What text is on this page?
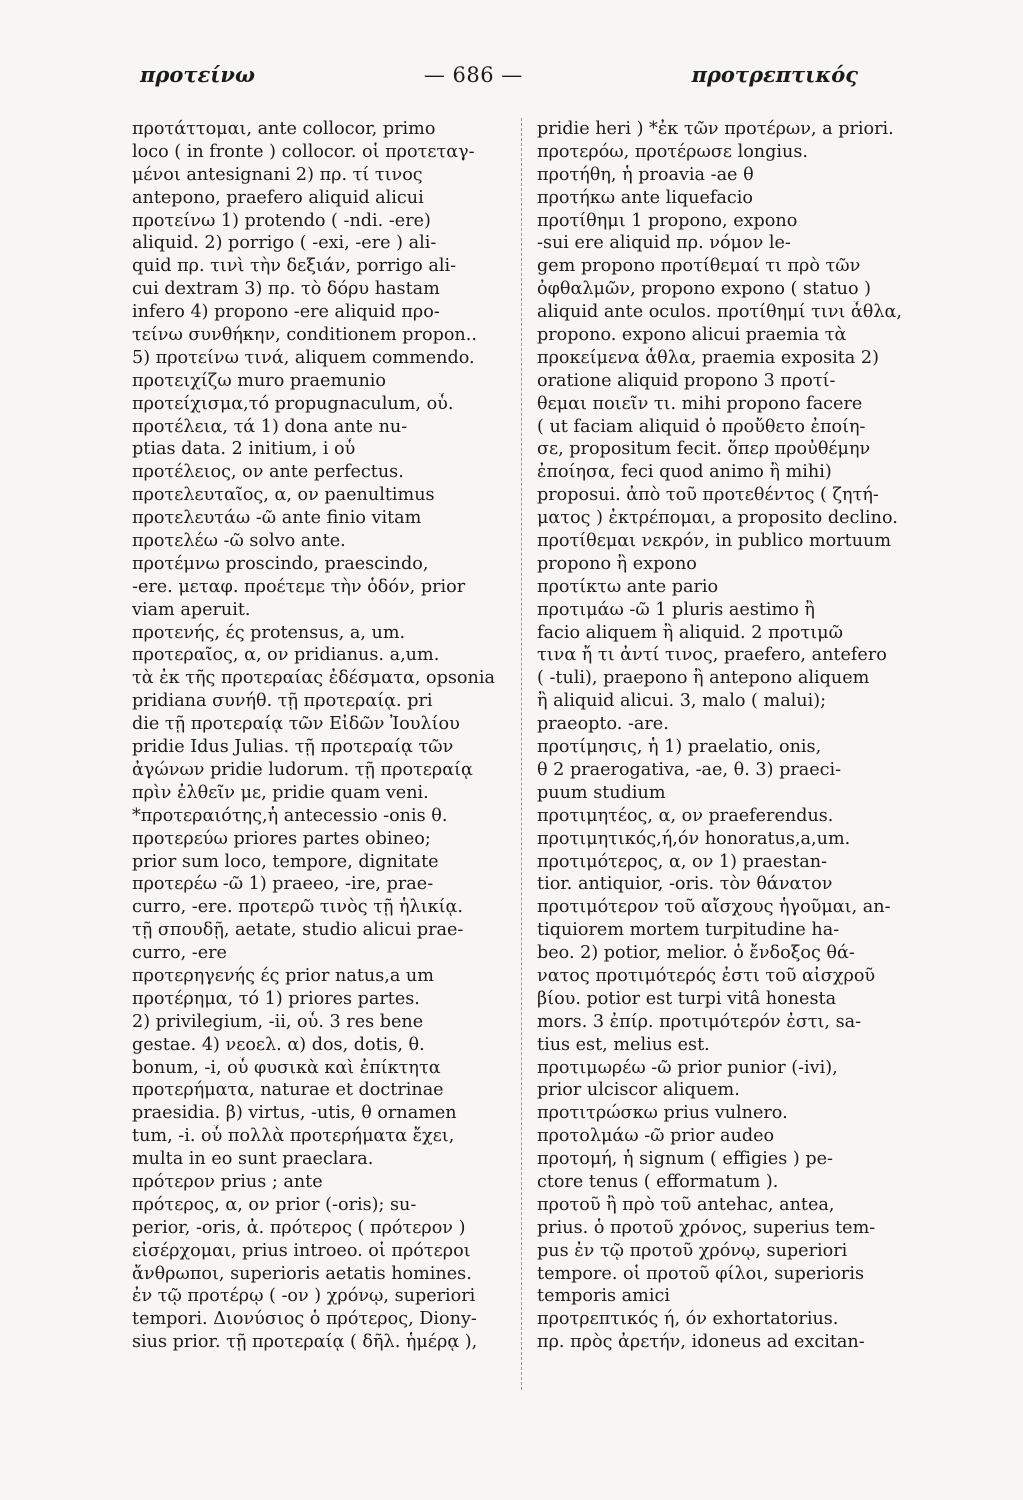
προτείνω	— 686 —	προτρεπτικός
προτάττομαι, ante collocor, primo
loco ( in fronte ) collocor. οἱ προτεταγ-
μένοι antesignani 2) πρ. τί τινος
antepono, praefero aliquid alicui
προτείνω 1) protendo ( -ndi. -ere)
aliquid. 2) porrigo ( -exi, -ere ) ali-
quid πρ. τινὶ τὴν δεξιάν, porrigo ali-
cui dextram 3) πρ. τὸ δόρυ hastam
infero 4) propono -ere aliquid προ-
τείνω συνθήκην, conditionem propon..
5) προτείνω τινά, aliquem commendo.
προτειχίζω muro praemunio
προτείχισμα,τό propugnaculum, οὗ.
προτέλεια, τά 1) dona ante nu-
ptias data. 2 initium, i οὗ
προτέλειος, ον ante perfectus.
προτελευταῖος, α, ον paenultimus
προτελευτάω -ῶ ante finio vitam
προτελέω -ῶ solvo ante.
προτέμνω proscindo, praescindo,
-ere. μεταφ. προέτεμε τὴν ὁδόν, prior
viam aperuit.
προτενής, ές protensus, a, um.
προτεραῖος, α, ον pridianus. a,um.
τὰ ἐκ τῆς προτεραίας ἐδέσματα, opsonia
pridiana συνήθ. τῇ προτεραίᾳ. pri
die τῇ προτεραίᾳ τῶν Εἰδῶν Ἰουλίου
pridie Idus Julias. τῇ προτεραίᾳ τῶν
ἀγώνων pridie ludorum. τῇ προτεραίᾳ
πρὶν ἐλθεῖν με, pridie quam veni.
*προτεραιότης,ἡ antecessio -onis θ.
προτερεύω priores partes obineo;
prior sum loco, tempore, dignitate
προτερέω -ῶ 1) praeeo, -ire, prae-
curro, -ere. προτερῶ τινὸς τῇ ἡλικίᾳ.
τῇ σπουδῇ, aetate, studio alicui prae-
curro, -ere
προτερηγενής ές prior natus,a um
προτέρημα, τό 1) priores partes.
2) privilegium, -ii, οὗ. 3 res bene
gestae. 4) νεοελ. α) dos, dotis, θ.
bonum, -i, οὗ φυσικὰ καὶ ἐπίκτητα
προτερήματα, naturae et doctrinae
praesidia. β) virtus, -utis, θ ornamen
tum, -i. οὗ πολλὰ προτερήματα ἔχει,
multa in eo sunt praeclara.
πρότερον prius ; ante
πρότερος, α, ον prior (-oris); su-
perior, -oris, ἀ. πρότερος ( πρότερον )
εἰσέρχομαι, prius introeo. οἱ πρότεροι
ἄνθρωποι, superioris aetatis homines.
ἐν τῷ προτέρῳ ( -ον ) χρόνῳ, superiori
tempori. Διονύσιος ὁ πρότερος, Diony-
sius prior. τῇ προτεραίᾳ ( δῆλ. ἡμέρᾳ ),
pridie heri ) *ἐκ τῶν προτέρων, a priori.
προτερόω, προτέρωσε longius.
προτήθη, ἡ proavia -ae θ
προτήκω ante liquefacio
προτίθημι 1 propono, expono
-sui ere aliquid πρ. νόμον le-
gem propono προτίθεμαί τι πρὸ τῶν
ὀφθαλμῶν, propono expono ( statuo )
aliquid ante oculos. προτίθημί τινι ἆθλα,
propono. expono alicui praemia τὰ
προκείμενα ἆθλα, praemia exposita 2)
oratione aliquid propono 3 προτί-
θεμαι ποιεῖν τι. mihi propono facere
( ut faciam aliquid ὁ προὔθετο ἐποίη-
σε, propositum fecit. ὅπερ προὐθέμην
ἐποίησα, feci quod animo ἢ mihi)
proposui. ἀπὸ τοῦ προτεθέντος ( ζητή-
ματος ) ἐκτρέπομαι, a proposito declino.
προτίθεμαι νεκρόν, in publico mortuum
propono ἢ expono
προτίκτω ante pario
προτιμάω -ῶ 1 pluris aestimo ἢ
facio aliquem ἢ aliquid. 2 προτιμῶ
τινα ἤ τι ἀντί τινος, praefero, antefero
( -tuli), praepono ἢ antepono aliquem
ἢ aliquid alicui. 3, malo ( malui);
praeopto. -are.
προτίμησις, ἡ 1) praelatio, onis,
θ 2 praerogativa, -ae, θ. 3) praeci-
puum studium
προτιμητέος, α, ον praeferendus.
προτιμητικός,ή,όν honoratus,a,um.
προτιμότερος, α, ον 1) praestan-
tior. antiquior, -oris. τὸν θάνατον
προτιμότερον τοῦ αἴσχους ἡγοῦμαι, an-
tiquiorem mortem turpitudine ha-
beo. 2) potior, melior. ὁ ἔνδοξος θά-
νατος προτιμότερός ἐστι τοῦ αἰσχροῦ
βίου. potior est turpi vitâ honesta
mors. 3 ἐπίρ. προτιμότερόν ἐστι, sa-
tius est, melius est.
προτιμωρέω -ῶ prior punior (-ivi),
prior ulciscor aliquem.
προτιτρώσκω prius vulnero.
προτολμάω -ῶ prior audeo
προτομή, ἡ signum ( effigies ) pe-
ctore tenus ( efformatum ).
προτοῦ ἢ πρὸ τοῦ antehac, antea,
prius. ὁ προτοῦ χρόνος, superius tem-
pus ἐν τῷ προτοῦ χρόνῳ, superiori
tempore. οἱ προτοῦ φίλοι, superioris
temporis amici
προτρεπτικός ή, όν exhortatorius.
πρ. πρὸς ἀρετήν, idoneus ad excitan-
